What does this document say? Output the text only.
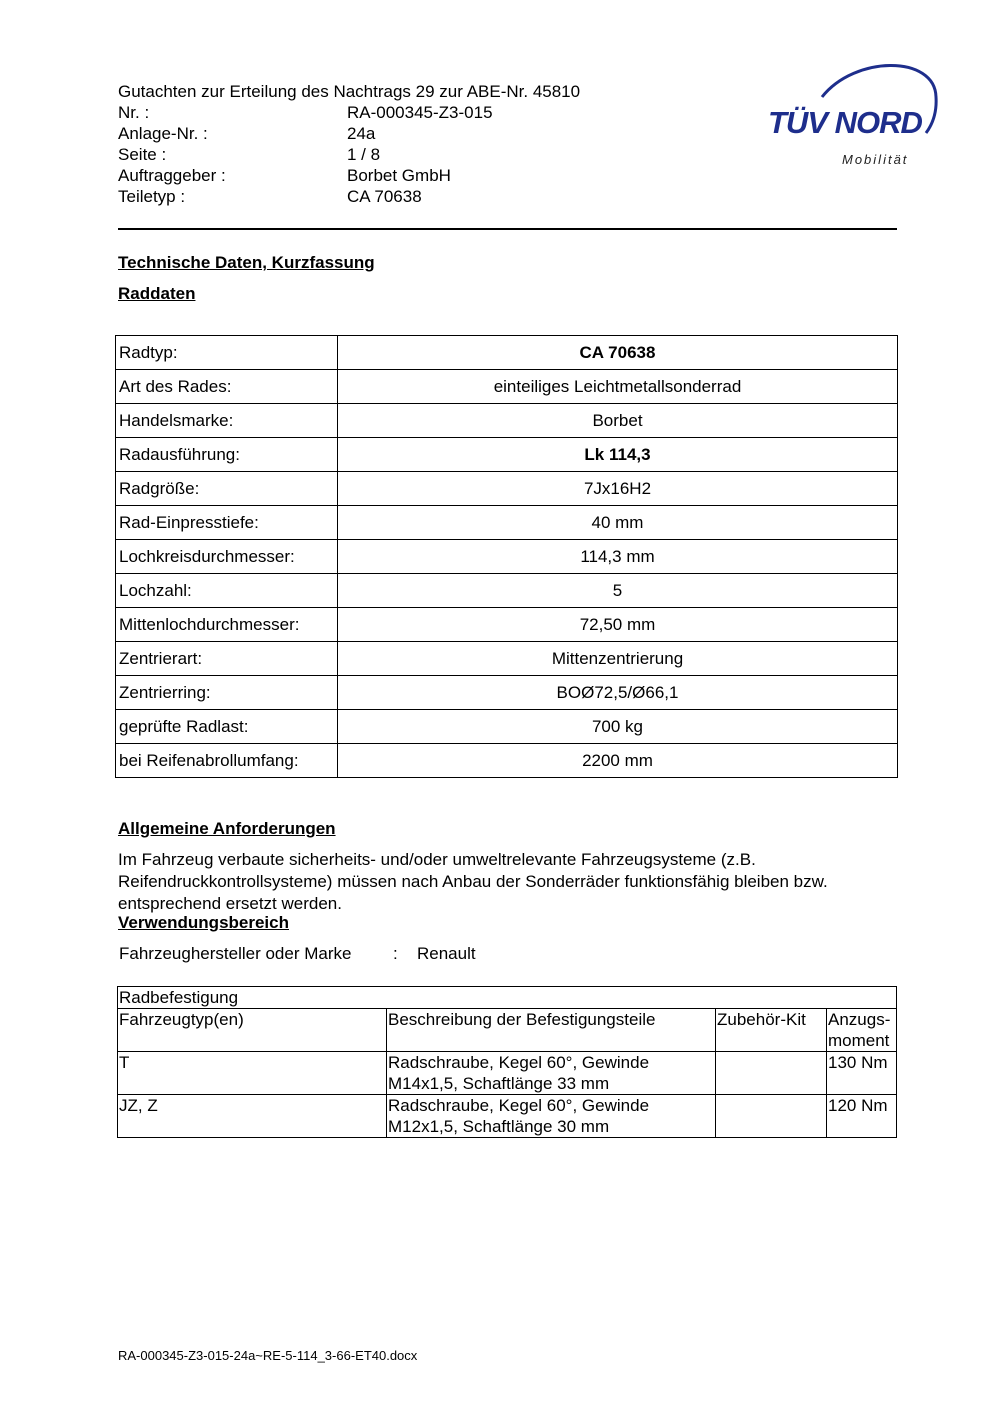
Gutachten zur Erteilung des Nachtrags 29 zur ABE-Nr. 45810
Nr. :	RA-000345-Z3-015
Anlage-Nr. :	24a
Seite :	1 / 8
Auftraggeber :	Borbet GmbH
Teiletyp :	CA 70638
TÜV NORD
Mobilität
Technische Daten, Kurzfassung
Raddaten
Radtyp:	CA 70638
Art des Rades:	einteiliges Leichtmetallsonderrad
Handelsmarke:	Borbet
Radausführung:	Lk 114,3
Radgröße:	7Jx16H2
Rad-Einpresstiefe:	40 mm
Lochkreisdurchmesser:	114,3 mm
Lochzahl:	5
Mittenlochdurchmesser:	72,50 mm
Zentrierart:	Mittenzentrierung
Zentrierring:	BOØ72,5/Ø66,1
geprüfte Radlast:	700 kg
bei Reifenabrollumfang:	2200 mm
Allgemeine Anforderungen
Im Fahrzeug verbaute sicherheits- und/oder umweltrelevante Fahrzeugsysteme (z.B. Reifendruckkontrollsysteme) müssen nach Anbau der Sonderräder funktionsfähig bleiben bzw. entsprechend ersetzt werden.
Verwendungsbereich
Fahrzeughersteller oder Marke : Renault
Radbefestigung			
Fahrzeugtyp(en)	Beschreibung der Befestigungsteile	Zubehör-Kit	Anzugs-
moment
T	Radschraube, Kegel 60°, Gewinde M14x1,5, Schaftlänge 33 mm		130 Nm
JZ, Z	Radschraube, Kegel 60°, Gewinde M12x1,5, Schaftlänge 30 mm		120 Nm
RA-000345-Z3-015-24a~RE-5-114_3-66-ET40.docx
